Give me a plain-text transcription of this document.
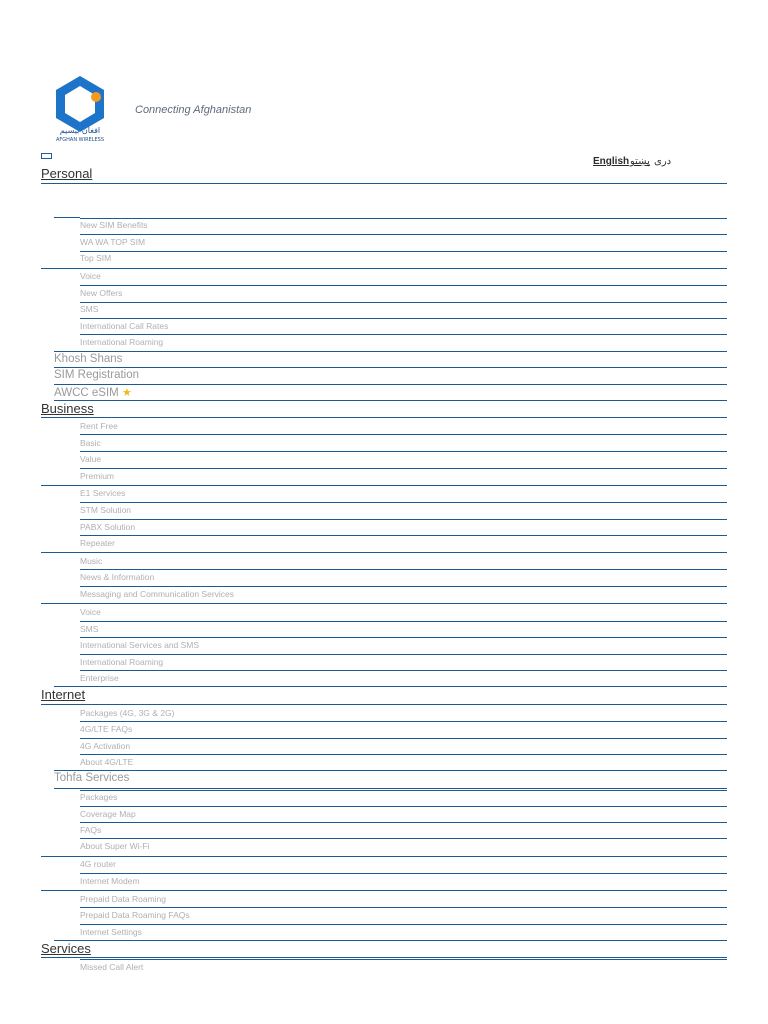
افغان بیسیم
AFGHAN WIRELESS
Connecting Afghanistan
English پښتو دری
Personal
New SIM Benefits
WA WA TOP SIM
Top SIM
Voice
New Offers
SMS
International Call Rates
International Roaming
Khosh Shans
SIM Registration
AWCC eSIM ★
Business
Rent Free
Basic
Value
Premium
E1 Services
STM Solution
PABX Solution
Repeater
Music
News & Information
Messaging and Communication Services
Voice
SMS
International Services and SMS
International Roaming
Enterprise
Internet
Packages (4G, 3G & 2G)
4G/LTE FAQs
4G Activation
About 4G/LTE
Tohfa Services
Packages
Coverage Map
FAQs
About Super Wi-Fi
4G router
Internet Modem
Prepaid Data Roaming
Prepaid Data Roaming FAQs
Internet Settings
Services
Missed Call Alert
